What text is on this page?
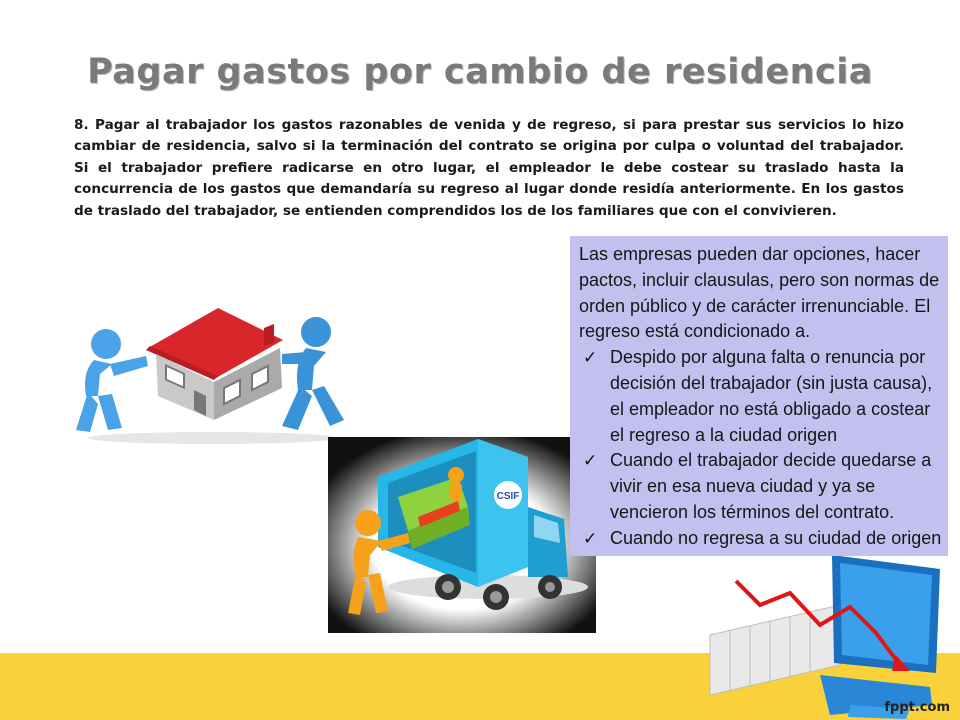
Pagar gastos por cambio de residencia
8. Pagar al trabajador los gastos razonables de venida y de regreso, si para prestar sus servicios lo hizo cambiar de residencia, salvo si la terminación del contrato se origina por culpa o voluntad del trabajador. Si el trabajador prefiere radicarse en otro lugar, el empleador le debe costear su traslado hasta la concurrencia de los gastos que demandaría su regreso al lugar donde residía anteriormente. En los gastos de traslado del trabajador, se entienden comprendidos los de los familiares que con el convivieren.
CSIF
fppt.com

Las empresas pueden dar opciones, hacer pactos, incluir clausulas, pero son normas de orden público y de carácter irrenunciable. El regreso está condicionado a.

✓ Despido por alguna falta o renuncia por decisión del trabajador (sin justa causa), el empleador no está obligado a costear el regreso a la ciudad origen
✓ Cuando el trabajador decide quedarse a vivir en esa nueva ciudad y ya se vencieron los términos del contrato.
✓ Cuando no regresa a su ciudad de origen
